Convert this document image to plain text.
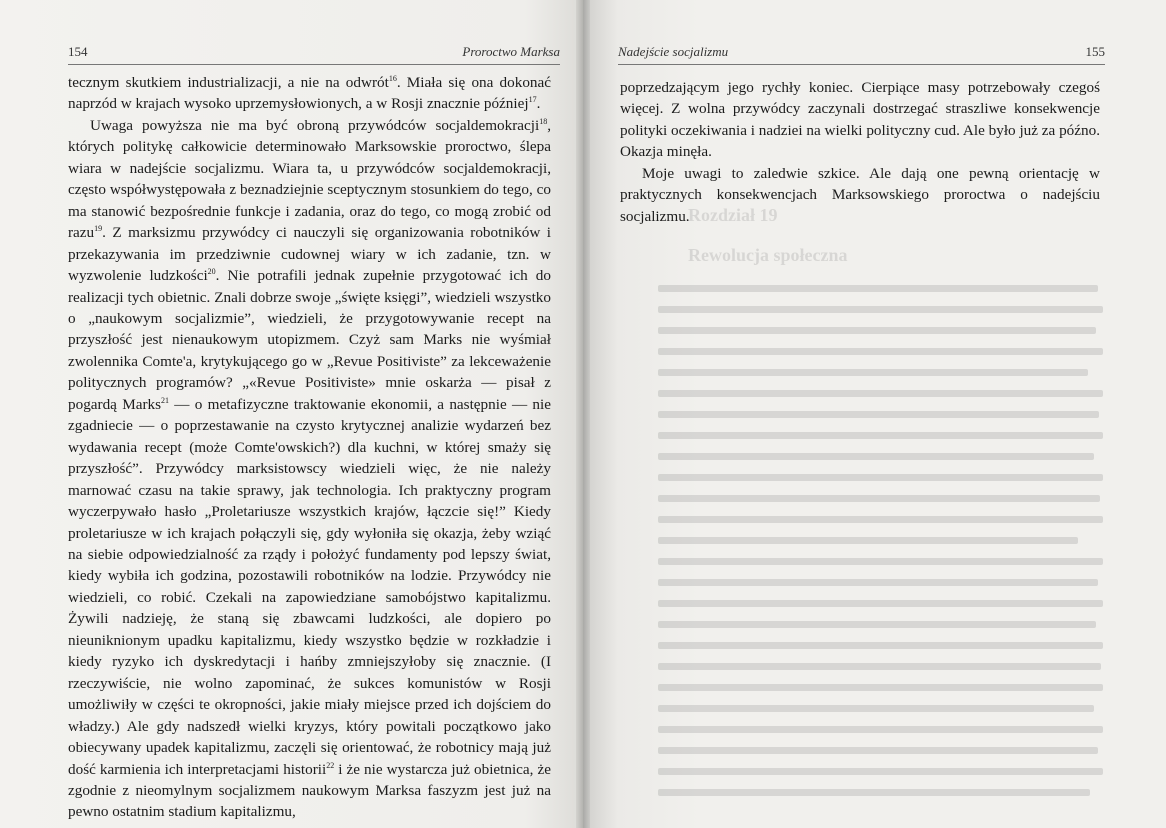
154	Proroctwo Marksa

tecznym skutkiem industrializacji, a nie na odwrót$^{16}$. Miała się ona dokonać naprzód w krajach wysoko uprzemysłowionych, a w Rosji znacznie później$^{17}$.

Uwaga powyższa nie ma być obroną przywódców socjaldemokracji$^{18}$, których politykę całkowicie determinowało Marksowskie proroctwo, ślepa wiara w nadejście socjalizmu. Wiara ta, u przywódców socjaldemokracji, często współwystępowała z beznadziejnie sceptycznym stosunkiem do tego, co ma stanowić bezpośrednie funkcje i zadania, oraz do tego, co mogą zrobić od razu$^{19}$. Z marksizmu przywódcy ci nauczyli się organizowania robotników i przekazywania im przedziwnie cudownej wiary w ich zadanie, tzn. w wyzwolenie ludzkości$^{20}$. Nie potrafili jednak zupełnie przygotować ich do realizacji tych obietnic. Znali dobrze swoje „święte księgi”, wiedzieli wszystko o „naukowym socjalizmie”, wiedzieli, że przygotowywanie recept na przyszłość jest nienaukowym utopizmem. Czyż sam Marks nie wyśmiał zwolennika Comte'a, krytykującego go w „Revue Positiviste” za lekceważenie politycznych programów? „«Revue Positiviste» mnie oskarża — pisał z pogardą Marks$^{21}$ — o metafizyczne traktowanie ekonomii, a następnie — nie zgadniecie — o poprzestawanie na czysto krytycznej analizie wydarzeń bez wydawania recept (może Comte'owskich?) dla kuchni, w której smaży się przyszłość”. Przywódcy marksistowscy wiedzieli więc, że nie należy marnować czasu na takie sprawy, jak technologia. Ich praktyczny program wyczerpywało hasło „Proletariusze wszystkich krajów, łączcie się!” Kiedy proletariusze w ich krajach połączyli się, gdy wyłoniła się okazja, żeby wziąć na siebie odpowiedzialność za rządy i położyć fundamenty pod lepszy świat, kiedy wybiła ich godzina, pozostawili robotników na lodzie. Przywódcy nie wiedzieli, co robić. Czekali na zapowiedziane samobójstwo kapitalizmu. Żywili nadzieję, że staną się zbawcami ludzkości, ale dopiero po nieuniknionym upadku kapitalizmu, kiedy wszystko będzie w rozkładzie i kiedy ryzyko ich dyskredytacji i hańby zmniejszyłoby się znacznie. (I rzeczywiście, nie wolno zapominać, że sukces komunistów w Rosji umożliwiły w części te okropności, jakie miały miejsce przed ich dojściem do władzy.) Ale gdy nadszedł wielki kryzys, który powitali początkowo jako obiecywany upadek kapitalizmu, zaczęli się orientować, że robotnicy mają już dość karmienia ich interpretacjami historii$^{22}$ i że nie wystarcza już obietnica, że zgodnie z nieomylnym socjalizmem naukowym Marksa faszyzm jest już na pewno ostatnim stadium kapitalizmu,

Nadejście socjalizmu	155

poprzedzającym jego rychły koniec. Cierpiące masy potrzebowały czegoś więcej. Z wolna przywódcy zaczynali dostrzegać straszliwe konsekwencje polityki oczekiwania i nadziei na wielki polityczny cud. Ale było już za późno. Okazja minęła.

Moje uwagi to zaledwie szkice. Ale dają one pewną orientację w praktycznych konsekwencjach Marksowskiego proroctwa o nadejściu socjalizmu.

Rozdział 19
Rewolucja społeczna
